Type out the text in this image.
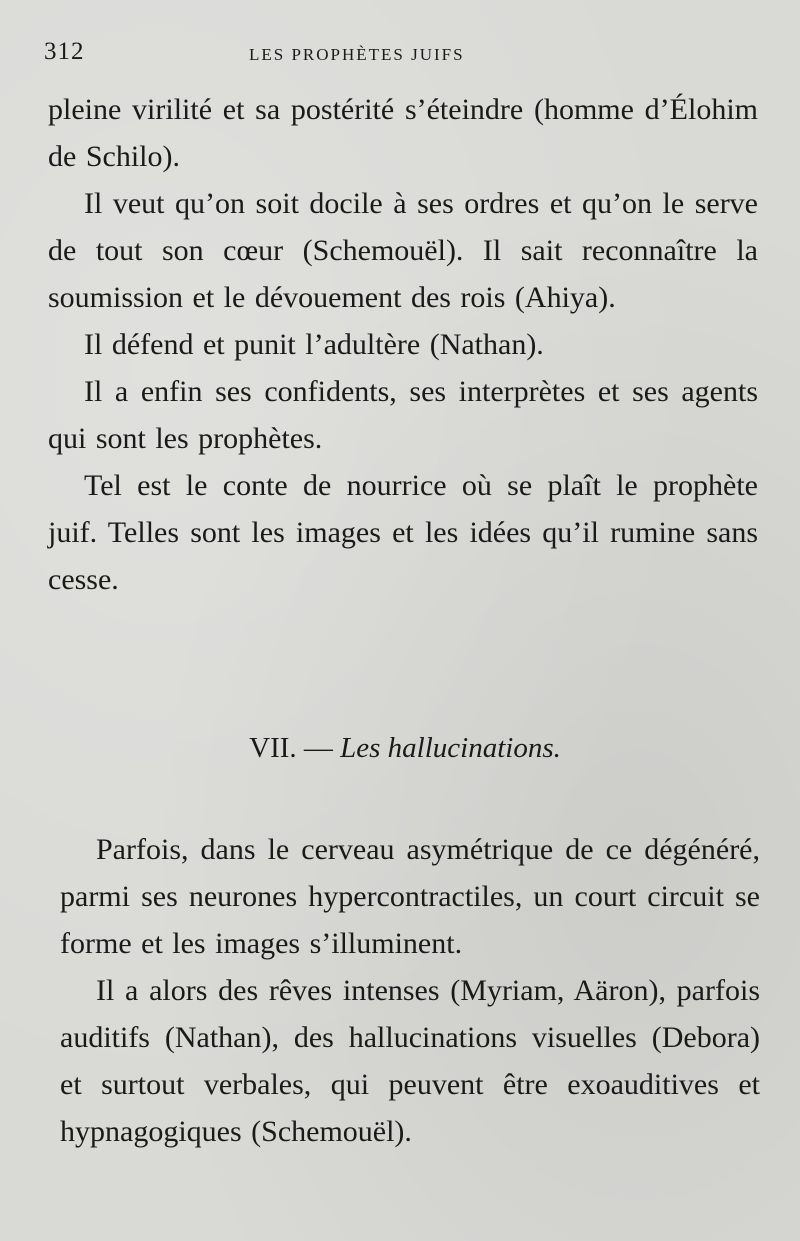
312	LES PROPHÈTES JUIFS

pleine virilité et sa postérité s’éteindre (homme d’Élohim de Schilo).

Il veut qu’on soit docile à ses ordres et qu’on le serve de tout son cœur (Schemouël). Il sait reconnaître la soumission et le dévouement des rois (Ahiya).

Il défend et punit l’adultère (Nathan).

Il a enfin ses confidents, ses interprètes et ses agents qui sont les prophètes.

Tel est le conte de nourrice où se plaît le prophète juif. Telles sont les images et les idées qu’il rumine sans cesse.

VII. — Les hallucinations.

Parfois, dans le cerveau asymétrique de ce dégénéré, parmi ses neurones hypercontractiles, un court circuit se forme et les images s’illuminent.

Il a alors des rêves intenses (Myriam, Aäron), parfois auditifs (Nathan), des hallucinations visuelles (Debora) et surtout verbales, qui peuvent être exoauditives et hypnagogiques (Schemouël).
